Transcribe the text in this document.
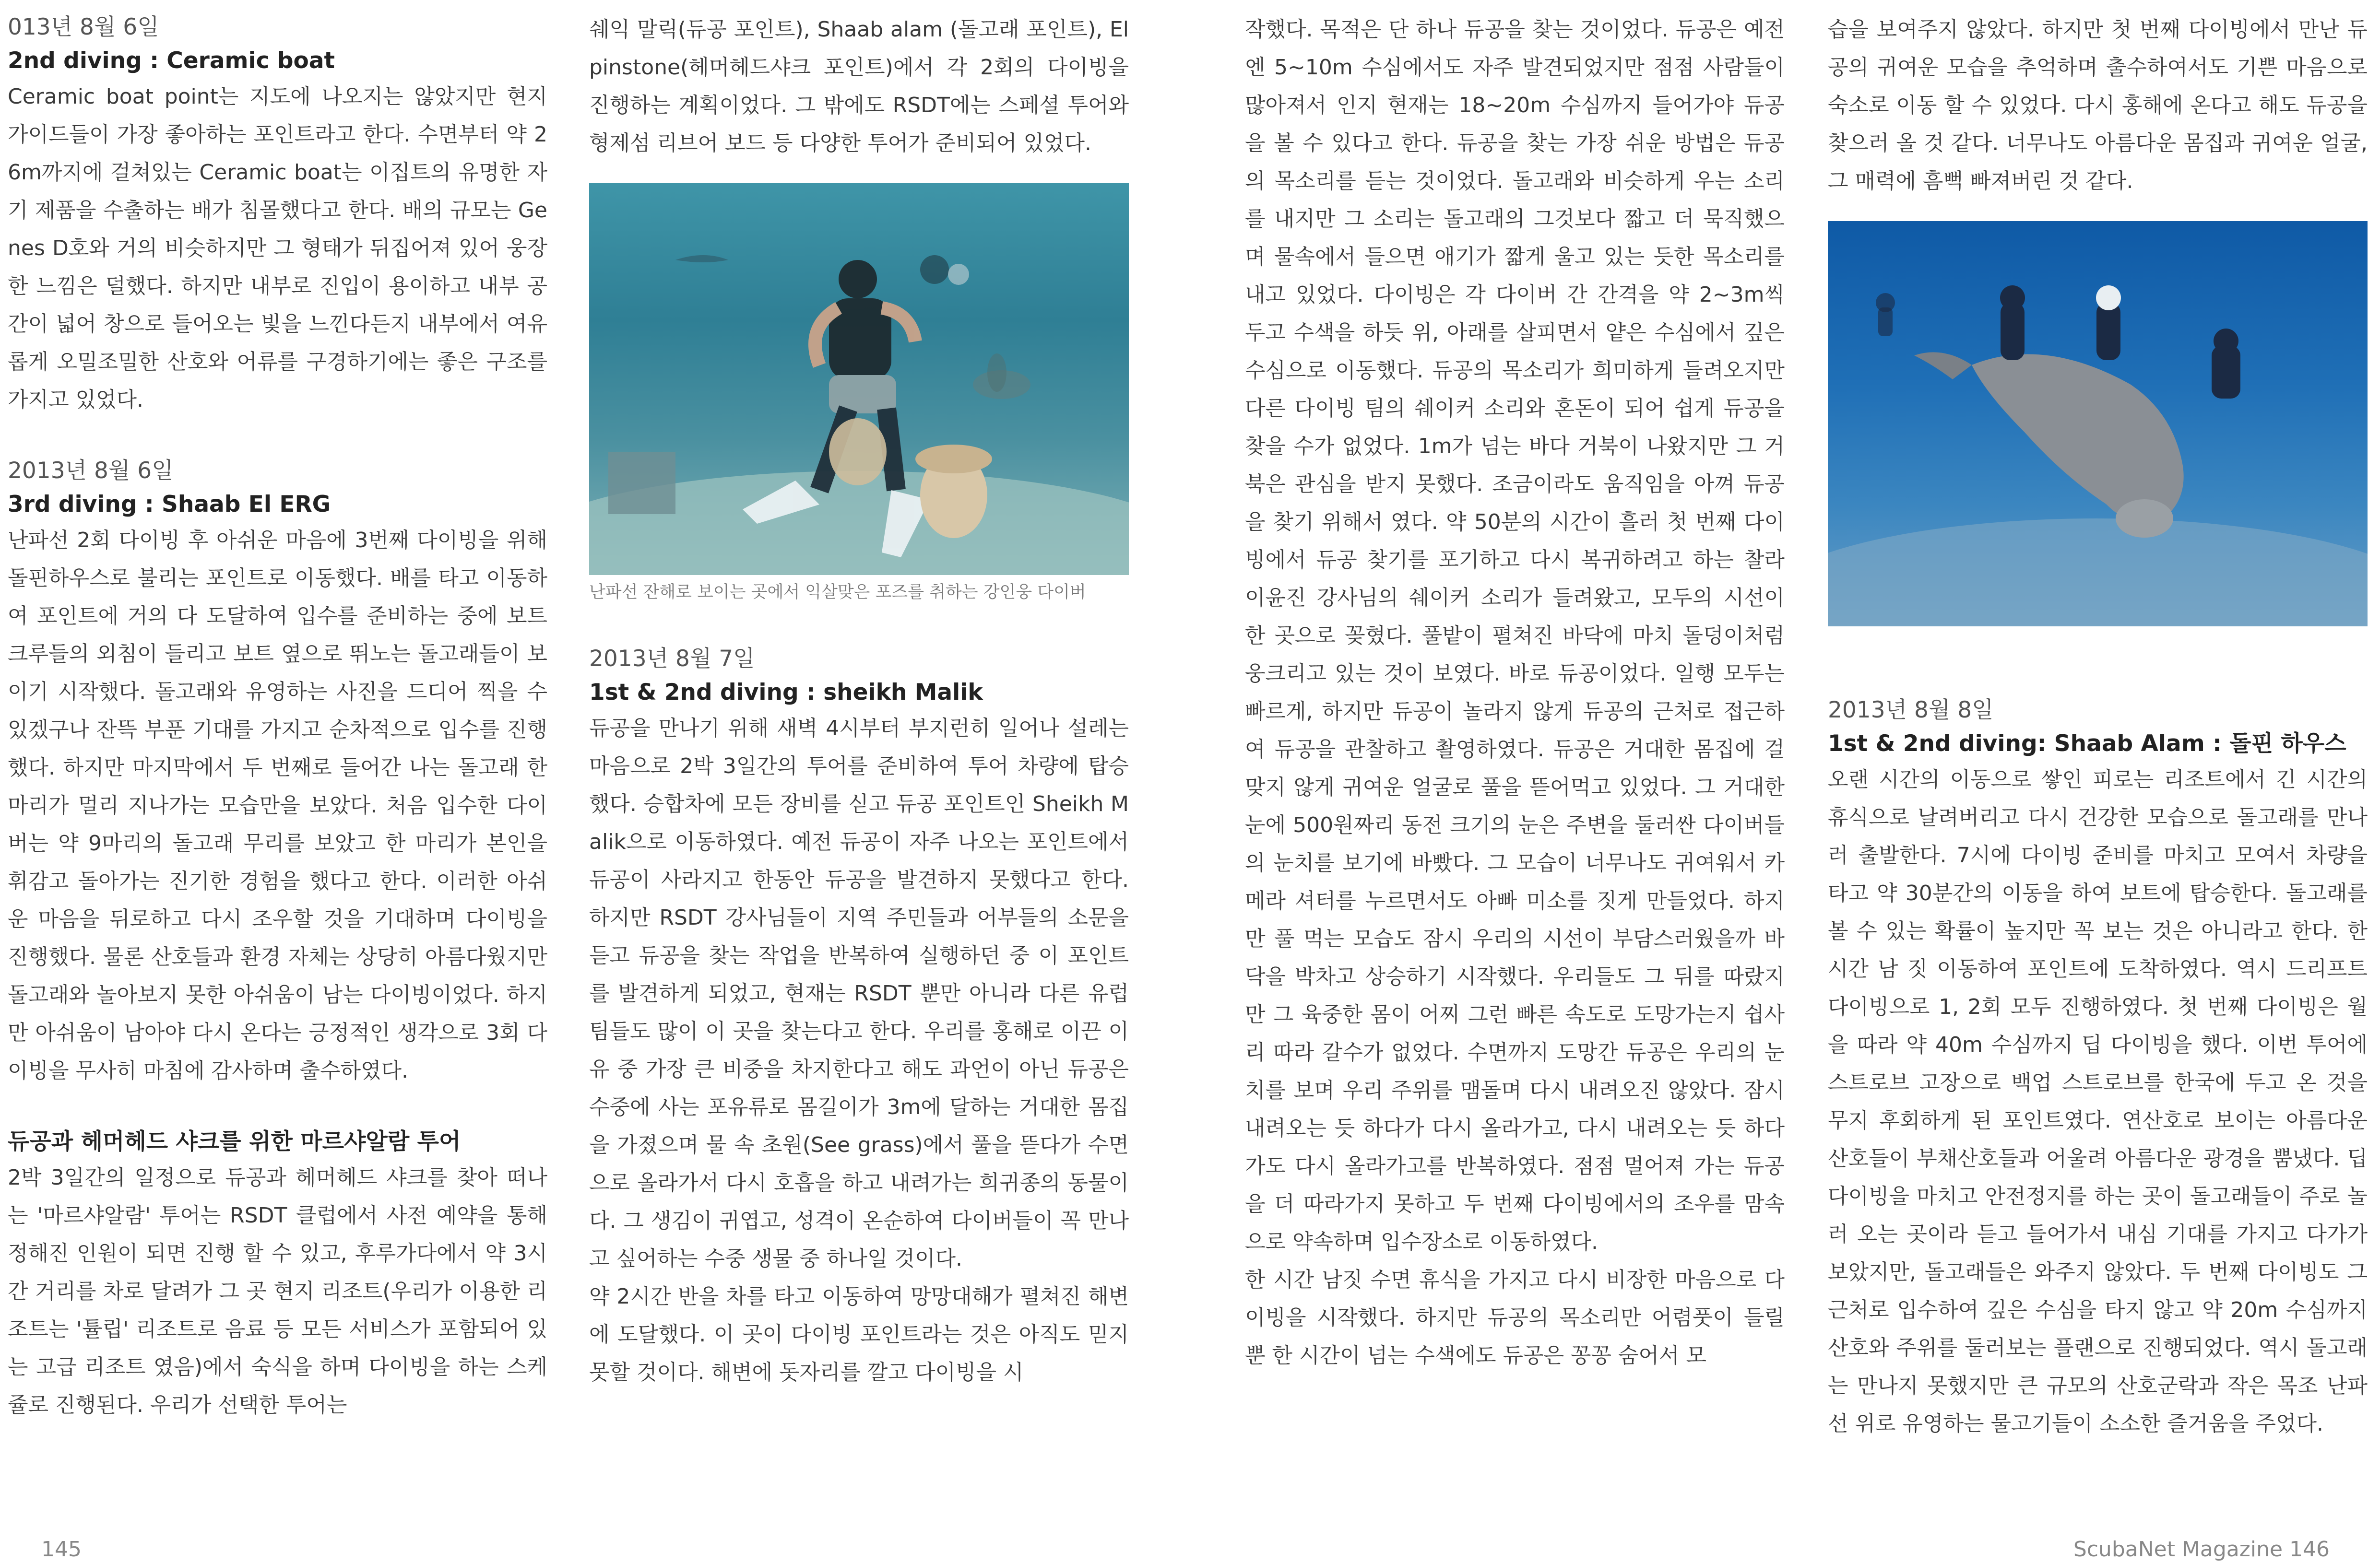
013년 8월 6일

2nd diving : Ceramic boat

Ceramic boat point는 지도에 나오지는 않았지만 현지 가이드들이 가장 좋아하는 포인트라고 한다. 수면부터 약 26m까지에 걸쳐있는 Ceramic boat는 이집트의 유명한 자기 제품을 수출하는 배가 침몰했다고 한다. 배의 규모는 Genes D호와 거의 비슷하지만 그 형태가 뒤집어져 있어 웅장한 느낌은 덜했다. 하지만 내부로 진입이 용이하고 내부 공간이 넓어 창으로 들어오는 빛을 느낀다든지 내부에서 여유롭게 오밀조밀한 산호와 어류를 구경하기에는 좋은 구조를 가지고 있었다.

2013년 8월 6일

3rd diving : Shaab El ERG

난파선 2회 다이빙 후 아쉬운 마음에 3번째 다이빙을 위해 돌핀하우스로 불리는 포인트로 이동했다. 배를 타고 이동하여 포인트에 거의 다 도달하여 입수를 준비하는 중에 보트 크루들의 외침이 들리고 보트 옆으로 뛰노는 돌고래들이 보이기 시작했다. 돌고래와 유영하는 사진을 드디어 찍을 수 있겠구나 잔뜩 부푼 기대를 가지고 순차적으로 입수를 진행했다. 하지만 마지막에서 두 번째로 들어간 나는 돌고래 한 마리가 멀리 지나가는 모습만을 보았다. 처음 입수한 다이버는 약 9마리의 돌고래 무리를 보았고 한 마리가 본인을 휘감고 돌아가는 진기한 경험을 했다고 한다. 이러한 아쉬운 마음을 뒤로하고 다시 조우할 것을 기대하며 다이빙을 진행했다. 물론 산호들과 환경 자체는 상당히 아름다웠지만 돌고래와 놀아보지 못한 아쉬움이 남는 다이빙이었다. 하지만 아쉬움이 남아야 다시 온다는 긍정적인 생각으로 3회 다이빙을 무사히 마침에 감사하며 출수하였다.

듀공과 헤머헤드 샤크를 위한 마르샤알람 투어

2박 3일간의 일정으로 듀공과 헤머헤드 샤크를 찾아 떠나는 '마르샤알람' 투어는 RSDT 클럽에서 사전 예약을 통해 정해진 인원이 되면 진행 할 수 있고, 후루가다에서 약 3시간 거리를 차로 달려가 그 곳 현지 리조트(우리가 이용한 리조트는 '튤립' 리조트로 음료 등 모든 서비스가 포함되어 있는 고급 리조트 였음)에서 숙식을 하며 다이빙을 하는 스케쥴로 진행된다. 우리가 선택한 투어는

쉐익 말릭(듀공 포인트), Shaab alam (돌고래 포인트), Elpinstone(헤머헤드샤크 포인트)에서 각 2회의 다이빙을 진행하는 계획이었다. 그 밖에도 RSDT에는 스페셜 투어와 형제섬 리브어 보드 등 다양한 투어가 준비되어 있었다.

난파선 잔해로 보이는 곳에서 익살맞은 포즈를 취하는 강인웅 다이버

2013년 8월 7일

1st & 2nd diving : sheikh Malik

듀공을 만나기 위해 새벽 4시부터 부지런히 일어나 설레는 마음으로 2박 3일간의 투어를 준비하여 투어 차량에 탑승했다. 승합차에 모든 장비를 싣고 듀공 포인트인 Sheikh Malik으로 이동하였다. 예전 듀공이 자주 나오는 포인트에서 듀공이 사라지고 한동안 듀공을 발견하지 못했다고 한다. 하지만 RSDT 강사님들이 지역 주민들과 어부들의 소문을 듣고 듀공을 찾는 작업을 반복하여 실행하던 중 이 포인트를 발견하게 되었고, 현재는 RSDT 뿐만 아니라 다른 유럽 팀들도 많이 이 곳을 찾는다고 한다. 우리를 홍해로 이끈 이유 중 가장 큰 비중을 차지한다고 해도 과언이 아닌 듀공은 수중에 사는 포유류로 몸길이가 3m에 달하는 거대한 몸집을 가졌으며 물 속 초원(See grass)에서 풀을 뜯다가 수면으로 올라가서 다시 호흡을 하고 내려가는 희귀종의 동물이다. 그 생김이 귀엽고, 성격이 온순하여 다이버들이 꼭 만나고 싶어하는 수중 생물 중 하나일 것이다.

약 2시간 반을 차를 타고 이동하여 망망대해가 펼쳐진 해변에 도달했다. 이 곳이 다이빙 포인트라는 것은 아직도 믿지 못할 것이다. 해변에 돗자리를 깔고 다이빙을 시

작했다. 목적은 단 하나 듀공을 찾는 것이었다. 듀공은 예전엔 5~10m 수심에서도 자주 발견되었지만 점점 사람들이 많아져서 인지 현재는 18~20m 수심까지 들어가야 듀공을 볼 수 있다고 한다. 듀공을 찾는 가장 쉬운 방법은 듀공의 목소리를 듣는 것이었다. 돌고래와 비슷하게 우는 소리를 내지만 그 소리는 돌고래의 그것보다 짧고 더 묵직했으며 물속에서 들으면 애기가 짧게 울고 있는 듯한 목소리를 내고 있었다. 다이빙은 각 다이버 간 간격을 약 2~3m씩 두고 수색을 하듯 위, 아래를 살피면서 얕은 수심에서 깊은 수심으로 이동했다. 듀공의 목소리가 희미하게 들려오지만 다른 다이빙 팀의 쉐이커 소리와 혼돈이 되어 쉽게 듀공을 찾을 수가 없었다. 1m가 넘는 바다 거북이 나왔지만 그 거북은 관심을 받지 못했다. 조금이라도 움직임을 아껴 듀공을 찾기 위해서 였다. 약 50분의 시간이 흘러 첫 번째 다이빙에서 듀공 찾기를 포기하고 다시 복귀하려고 하는 찰라 이윤진 강사님의 쉐이커 소리가 들려왔고, 모두의 시선이 한 곳으로 꽂혔다. 풀밭이 펼쳐진 바닥에 마치 돌덩이처럼 웅크리고 있는 것이 보였다. 바로 듀공이었다. 일행 모두는 빠르게, 하지만 듀공이 놀라지 않게 듀공의 근처로 접근하여 듀공을 관찰하고 촬영하였다. 듀공은 거대한 몸집에 걸맞지 않게 귀여운 얼굴로 풀을 뜯어먹고 있었다. 그 거대한 눈에 500원짜리 동전 크기의 눈은 주변을 둘러싼 다이버들의 눈치를 보기에 바빴다. 그 모습이 너무나도 귀여워서 카메라 셔터를 누르면서도 아빠 미소를 짓게 만들었다. 하지만 풀 먹는 모습도 잠시 우리의 시선이 부담스러웠을까 바닥을 박차고 상승하기 시작했다. 우리들도 그 뒤를 따랐지만 그 육중한 몸이 어찌 그런 빠른 속도로 도망가는지 쉽사리 따라 갈수가 없었다. 수면까지 도망간 듀공은 우리의 눈치를 보며 우리 주위를 맴돌며 다시 내려오진 않았다. 잠시 내려오는 듯 하다가 다시 올라가고, 다시 내려오는 듯 하다가도 다시 올라가고를 반복하였다. 점점 멀어져 가는 듀공을 더 따라가지 못하고 두 번째 다이빙에서의 조우를 맘속으로 약속하며 입수장소로 이동하였다.

한 시간 남짓 수면 휴식을 가지고 다시 비장한 마음으로 다이빙을 시작했다. 하지만 듀공의 목소리만 어렴풋이 들릴 뿐 한 시간이 넘는 수색에도 듀공은 꽁꽁 숨어서 모

습을 보여주지 않았다. 하지만 첫 번째 다이빙에서 만난 듀공의 귀여운 모습을 추억하며 출수하여서도 기쁜 마음으로 숙소로 이동 할 수 있었다. 다시 홍해에 온다고 해도 듀공을 찾으러 올 것 같다. 너무나도 아름다운 몸집과 귀여운 얼굴, 그 매력에 흠뻑 빠져버린 것 같다.

2013년 8월 8일

1st & 2nd diving: Shaab Alam : 돌핀 하우스

오랜 시간의 이동으로 쌓인 피로는 리조트에서 긴 시간의 휴식으로 날려버리고 다시 건강한 모습으로 돌고래를 만나러 출발한다. 7시에 다이빙 준비를 마치고 모여서 차량을 타고 약 30분간의 이동을 하여 보트에 탑승한다. 돌고래를 볼 수 있는 확률이 높지만 꼭 보는 것은 아니라고 한다. 한 시간 남 짓 이동하여 포인트에 도착하였다. 역시 드리프트 다이빙으로 1, 2회 모두 진행하였다. 첫 번째 다이빙은 월을 따라 약 40m 수심까지 딥 다이빙을 했다. 이번 투어에 스트로브 고장으로 백업 스트로브를 한국에 두고 온 것을 무지 후회하게 된 포인트였다. 연산호로 보이는 아름다운 산호들이 부채산호들과 어울려 아름다운 광경을 뿜냈다. 딥 다이빙을 마치고 안전정지를 하는 곳이 돌고래들이 주로 놀러 오는 곳이라 듣고 들어가서 내심 기대를 가지고 다가가 보았지만, 돌고래들은 와주지 않았다. 두 번째 다이빙도 그 근처로 입수하여 깊은 수심을 타지 않고 약 20m 수심까지 산호와 주위를 둘러보는 플랜으로 진행되었다. 역시 돌고래는 만나지 못했지만 큰 규모의 산호군락과 작은 목조 난파선 위로 유영하는 물고기들이 소소한 즐거움을 주었다.

145	ScubaNet Magazine 146
